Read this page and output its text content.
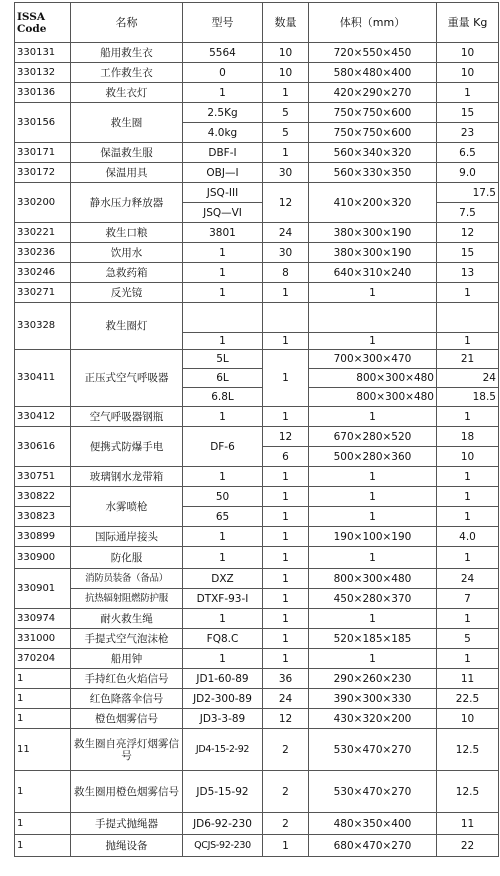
ISSA Code	名称	型号	数量	体积（mm）	重量 Kg
330131	船用救生衣	5564	10	720×550×450	10
330132	工作救生衣	0	10	580×480×400	10
330136	救生衣灯	1	1	420×290×270	1
330156	救生圈	2.5Kg	5	750×750×600	15
		4.0kg	5	750×750×600	23
330171	保温救生服	DBF-I	1	560×340×320	6.5
330172	保温用具	OBJ—I	30	560×330×350	9.0
330200	静水压力释放器	JSQ-III	12	410×200×320	17.5
		JSQ—VI			7.5
330221	救生口粮	3801	24	380×300×190	12
330236	饮用水	1	30	380×300×190	15
330246	急救药箱	1	8	640×310×240	13
330271	反光镜	1	1	1	1
330328	救生圈灯				
		1	1	1	1
330411	正压式空气呼吸器	5L	1	700×300×470	21
		6L		800×300×480	24
		6.8L		800×300×480	18.5
330412	空气呼吸器钢瓶	1	1	1	1
330616	便携式防爆手电	DF-6	12	670×280×520	18
			6	500×280×360	10
330751	玻璃钢水龙带箱	1	1	1	1
330822	水雾喷枪	50	1	1	1
330823		65	1	1	1
330899	国际通岸接头	1	1	190×100×190	4.0
330900	防化服	1	1	1	1
330901	消防员装备（备品）	DXZ	1	800×300×480	24
	抗热辐射阻燃防护服	DTXF-93-I	1	450×280×370	7
330974	耐火救生绳	1	1	1	1
331000	手提式空气泡沫枪	FQ8.C	1	520×185×185	5
370204	船用钟	1	1	1	1
1	手持红色火焰信号	JD1-60-89	36	290×260×230	11
1	红色降落伞信号	JD2-300-89	24	390×300×330	22.5
1	橙色烟雾信号	JD3-3-89	12	430×320×200	10
11	救生圈自亮浮灯烟雾信号	JD4-15-2-92	2	530×470×270	12.5
1	救生圈用橙色烟雾信号	JD5-15-92	2	530×470×270	12.5
1	手提式抛绳器	JD6-92-230	2	480×350×400	11
1	抛绳设备	QCJS-92-230	1	680×470×270	22
